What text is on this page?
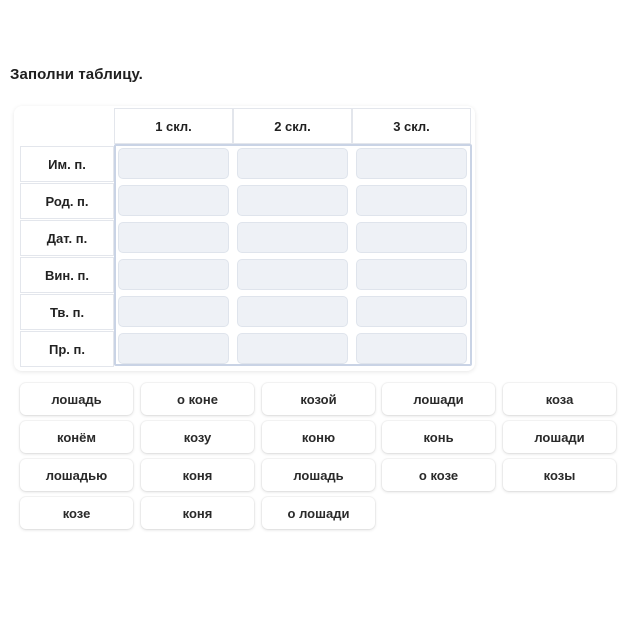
Заполни таблицу.
1 скл.	2 скл.	3 скл.
Им. п.
Род. п.
Дат. п.
Вин. п.
Тв. п.
Пр. п.
лошадь	о коне	козой	лошади	коза
конём	козу	коню	конь	лошади
лошадью	коня	лошадь	о козе	козы
козе	коня	о лошади
